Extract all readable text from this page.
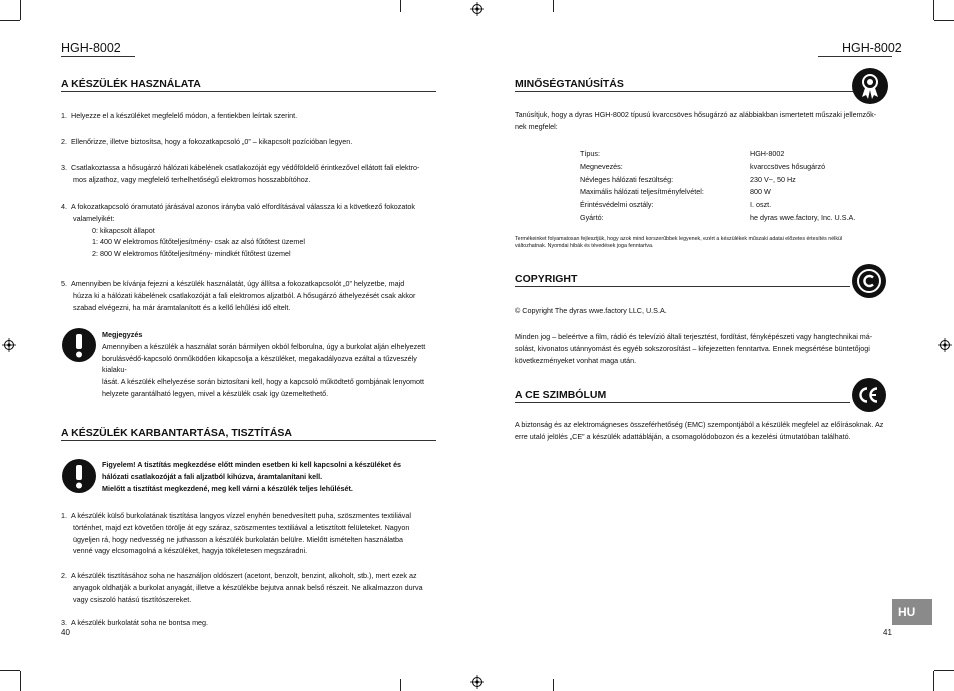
HGH-8002
A KÉSZÜLÉK HASZNÁLATA
1. Helyezze el a készüléket megfelelő módon, a fentiekben leírtak szerint.
2. Ellenőrizze, illetve biztosítsa, hogy a fokozatkapcsoló „0” – kikapcsolt pozícióban legyen.
3. Csatlakoztassa a hősugárzó hálózati kábelének csatlakozóját egy védőföldelő érintkezővel ellátott fali elektro-
mos aljzathoz, vagy megfelelő terhelhetőségű elektromos hosszabbítóhoz.
4. A fokozatkapcsoló óramutató járásával azonos irányba való elfordításával válassza ki a következő fokozatok
valamelyikét:
0: kikapcsolt állapot
1: 400 W elektromos fűtőteljesítmény- csak az alsó fűtőtest üzemel
2: 800 W elektromos fűtőteljesítmény- mindkét fűtőtest üzemel
5. Amennyiben be kívánja fejezni a készülék használatát, úgy állítsa a fokozatkapcsolót „0” helyzetbe, majd
húzza ki a hálózati kábelének csatlakozóját a fali elektromos aljzatból. A hősugárzó áthelyezését csak akkor
szabad elvégezni, ha már áramtalanított és a kellő lehűlési idő eltelt.
Megjegyzés
Amennyiben a készülék a használat során bármilyen okból felborulna, úgy a burkolat alján elhelyezett
borulásvédő-kapcsoló önműködően kikapcsolja a készüléket, megakadályozva ezáltal a tűzveszély kialaku-
lását. A készülék elhelyezése során biztosítani kell, hogy a kapcsoló működtető gombjának lenyomott
helyzete garantálható legyen, mivel a készülék csak így üzemeltethető.
A KÉSZÜLÉK KARBANTARTÁSA, TISZTÍTÁSA
Figyelem! A tisztítás megkezdése előtt minden esetben ki kell kapcsolni a készüléket és
hálózati csatlakozóját a fali aljzatból kihúzva, áramtalanítani kell.
Mielőtt a tisztítást megkezdené, meg kell várni a készülék teljes lehűlését.
1. A készülék külső burkolatának tisztítása langyos vízzel enyhén benedvesített puha, szöszmentes textiliával
történhet, majd ezt követően törölje át egy száraz, szöszmentes textiliával a letisztított felületeket. Nagyon
ügyeljen rá, hogy nedvesség ne juthasson a készülék burkolatán belülre. Mielőtt ismételten használatba
venné vagy elcsomagolná a készüléket, hagyja tökéletesen megszáradni.
2. A készülék tisztításához soha ne használjon oldószert (acetont, benzolt, benzint, alkoholt, stb.), mert ezek az
anyagok oldhatják a burkolat anyagát, illetve a készülékbe bejutva annak belső részeit. Ne alkalmazzon durva
vagy csiszoló hatású tisztítószereket.
3. A készülék burkolatát soha ne bontsa meg.
40
HGH-8002
MINŐSÉGTANÚSÍTÁS
Tanúsítjuk, hogy a dyras HGH-8002 típusú kvarccsöves hősugárzó az alábbiakban ismertetett műszaki jellemzők-
nek megfelel:
Típus:	HGH-8002
Megnevezés:	kvarccsöves hősugárzó
Névleges hálózati feszültség:	230 V~, 50 Hz
Maximális hálózati teljesítményfelvétel:	800 W
Érintésvédelmi osztály:	I. oszt.
Gyártó:	he dyras wwe.factory, Inc. U.S.A.
Termékeinket folyamatosan fejlesztjük, hogy azok mind korszerűbbek legyenek, ezért a készülékek műszaki adatai előzetes értesítés nélkül
változhatnak. Nyomdai hibák és tévedések joga fenntartva.
COPYRIGHT
© Copyright The dyras wwe.factory LLC, U.S.A.
Minden jog – beleértve a film, rádió és televízió általi terjesztést, fordítást, fényképészeti vagy hangtechnikai má-
solást, kivonatos utánnyomást és egyéb sokszorosítást – kifejezetten fenntartva. Ennek megsértése büntetőjogi
következményeket vonhat maga után.
A CE SZIMBÓLUM
A biztonság és az elektromágneses összeférhetőség (EMC) szempontjából a készülék megfelel az előírásoknak. Az
erre utaló jelölés „CE” a készülék adattábláján, a csomagolódobozon és a kezelési útmutatóban található.
HU
41
